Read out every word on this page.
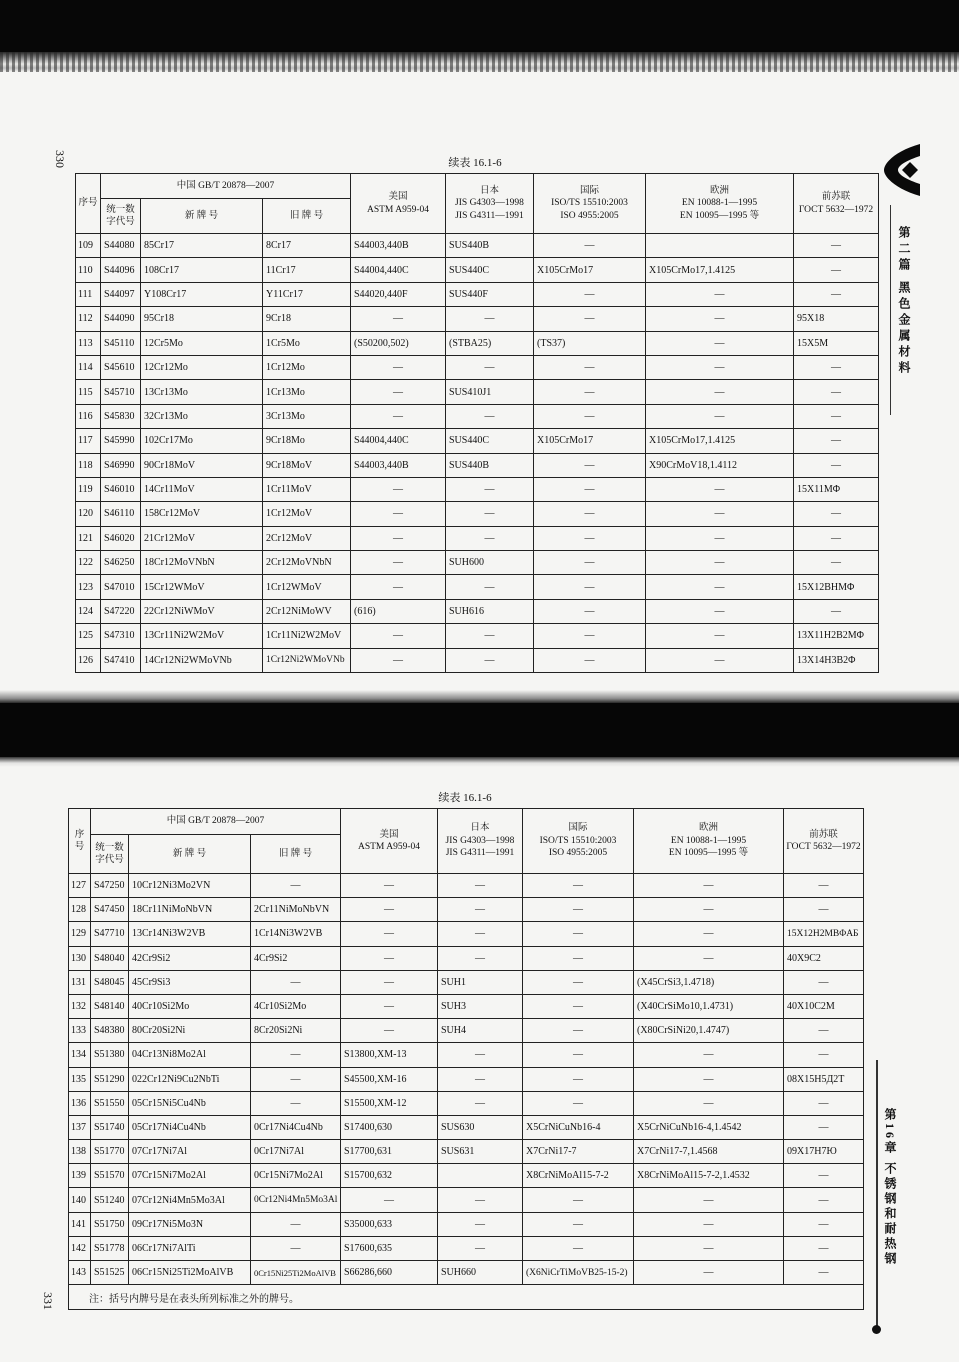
330
第二篇 黑色金属材料
续表 16.1-6
序号	中国 GB/T 20878—2007			美国
ASTM A959-04	日本
JIS G4303—1998
JIS G4311—1991	国际
ISO/TS 15510:2003
ISO 4955:2005	欧洲
EN 10088-1—1995
EN 10095—1995 等	前苏联
ГОСТ 5632—1972

	统一数字代号	新 牌 号	旧 牌 号					
109	S44080	85Cr17	8Cr17	S44003,440B	SUS440B	—		—
110	S44096	108Cr17	11Cr17	S44004,440C	SUS440C	X105CrMo17	X105CrMo17,1.4125	—
111	S44097	Y108Cr17	Y11Cr17	S44020,440F	SUS440F	—	—	—
112	S44090	95Cr18	9Cr18	—	—	—	—	95X18
113	S45110	12Cr5Mo	1Cr5Mo	(S50200,502)	(STBA25)	(TS37)	—	15X5M
114	S45610	12Cr12Mo	1Cr12Mo	—	—	—	—	—
115	S45710	13Cr13Mo	1Cr13Mo	—	SUS410J1	—	—	—
116	S45830	32Cr13Mo	3Cr13Mo	—	—	—	—	—
117	S45990	102Cr17Mo	9Cr18Mo	S44004,440C	SUS440C	X105CrMo17	X105CrMo17,1.4125	—
118	S46990	90Cr18MoV	9Cr18MoV	S44003,440B	SUS440B	—	X90CrMoV18,1.4112	—
119	S46010	14Cr11MoV	1Cr11MoV	—	—	—	—	15X11MΦ
120	S46110	158Cr12MoV	1Cr12MoV	—	—	—	—	—
121	S46020	21Cr12MoV	2Cr12MoV	—	—	—	—	—
122	S46250	18Cr12MoVNbN	2Cr12MoVNbN	—	SUH600	—	—	—
123	S47010	15Cr12WMoV	1Cr12WMoV	—	—	—	—	15X12BHMΦ
124	S47220	22Cr12NiWMoV	2Cr12NiMoWV	(616)	SUH616	—	—	—
125	S47310	13Cr11Ni2W2MoV	1Cr11Ni2W2MoV	—	—	—	—	13X11H2B2MΦ
126	S47410	14Cr12Ni2WMoVNb	1Cr12Ni2WMoVNb	—	—	—	—	13X14H3B2Φ
续表 16.1-6
序号	中国 GB/T 20878—2007			美国
ASTM A959-04	日本
JIS G4303—1998
JIS G4311—1991	国际
ISO/TS 15510:2003
ISO 4955:2005	欧洲
EN 10088-1—1995
EN 10095—1995 等	前苏联
ГОСТ 5632—1972

	统一数字代号	新 牌 号	旧 牌 号					
127	S47250	10Cr12Ni3Mo2VN	—	—	—	—	—	—
128	S47450	18Cr11NiMoNbVN	2Cr11NiMoNbVN	—	—	—	—	—
129	S47710	13Cr14Ni3W2VB	1Cr14Ni3W2VB	—	—	—	—	15X12H2MBΦAБ
130	S48040	42Cr9Si2	4Cr9Si2	—	—	—	—	40X9C2
131	S48045	45Cr9Si3	—	—	SUH1	—	(X45CrSi3,1.4718)	—
132	S48140	40Cr10Si2Mo	4Cr10Si2Mo	—	SUH3	—	(X40CrSiMo10,1.4731)	40X10C2M
133	S48380	80Cr20Si2Ni	8Cr20Si2Ni	—	SUH4	—	(X80CrSiNi20,1.4747)	—
134	S51380	04Cr13Ni8Mo2Al	—	S13800,XM-13	—	—	—	—
135	S51290	022Cr12Ni9Cu2NbTi	—	S45500,XM-16	—	—	—	08X15H5Д2T
136	S51550	05Cr15Ni5Cu4Nb	—	S15500,XM-12	—	—	—	—
137	S51740	05Cr17Ni4Cu4Nb	0Cr17Ni4Cu4Nb	S17400,630	SUS630	X5CrNiCuNb16-4	X5CrNiCuNb16-4,1.4542	—
138	S51770	07Cr17Ni7Al	0Cr17Ni7Al	S17700,631	SUS631	X7CrNi17-7	X7CrNi17-7,1.4568	09X17H7Ю
139	S51570	07Cr15Ni7Mo2Al	0Cr15Ni7Mo2Al	S15700,632		X8CrNiMoAl15-7-2	X8CrNiMoAl15-7-2,1.4532	—
140	S51240	07Cr12Ni4Mn5Mo3Al	0Cr12Ni4Mn5Mo3Al	—	—	—	—	—
141	S51750	09Cr17Ni5Mo3N	—	S35000,633	—	—	—	—
142	S51778	06Cr17Ni7AlTi	—	S17600,635	—	—	—	—
143	S51525	06Cr15Ni25Ti2MoAlVB	0Cr15Ni25Ti2MoAlVB	S66286,660	SUH660	(X6NiCrTiMoVB25-15-2)	—	—
注：括号内牌号是在表头所列标准之外的牌号。								
第16章 不锈钢和耐热钢
331
